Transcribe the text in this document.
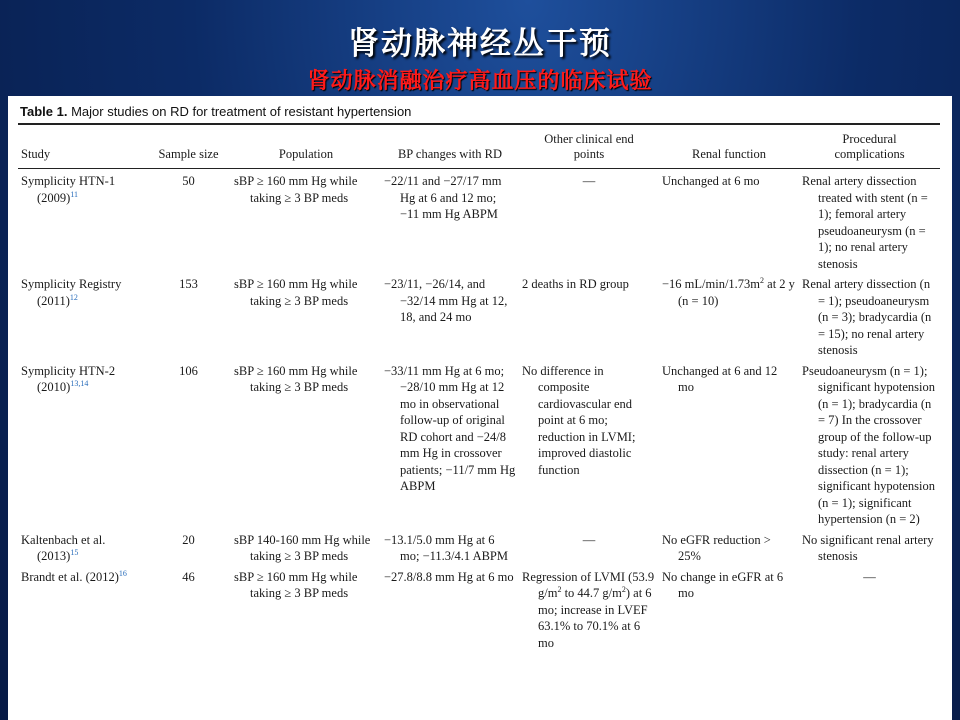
肾动脉神经丛干预
肾动脉消融治疗高血压的临床试验
Table 1. Major studies on RD for treatment of resistant hypertension
Study	Sample size	Population	BP changes with RD	Other clinical end points	Renal function	Procedural complications
Symplicity HTN-1 $(2009)^{11}$	50	sBP ≥ 160 mm Hg while taking ≥ 3 BP meds	−22/11 and −27/17 mm Hg at 6 and 12 mo; −11 mm Hg ABPM	—	Unchanged at 6 mo	Renal artery dissection treated with stent (n = 1); femoral artery pseudoaneurysm (n = 1); no renal artery stenosis
Symplicity Registry $(2011)^{12}$	153	sBP ≥ 160 mm Hg while taking ≥ 3 BP meds	−23/11, −26/14, and −32/14 mm Hg at 12, 18, and 24 mo	2 deaths in RD group	−16 $mL/\min/1.73m^2$ at 2 y (n = 10)	Renal artery dissection (n = 1); pseudoaneurysm (n = 3); bradycardia (n = 15); no renal artery stenosis
Symplicity HTN-2 $(2010)^{13,14}$	106	sBP ≥ 160 mm Hg while taking ≥ 3 BP meds	−33/11 mm Hg at 6 mo; −28/10 mm Hg at 12 mo in observational follow-up of original RD cohort and −24/8 mm Hg in crossover patients; −11/7 mm Hg ABPM	No difference in composite cardiovascular end point at 6 mo; reduction in LVMI; improved diastolic function	Unchanged at 6 and 12 mo	Pseudoaneurysm (n = 1); significant hypotension (n = 1); bradycardia (n = 7) In the crossover group of the follow-up study: renal artery dissection (n = 1); significant hypotension (n = 1); significant hypertension (n = 2)
Kaltenbach et al. $(2013)^{15}$	20	sBP 140-160 mm Hg while taking ≥ 3 BP meds	−13.1/5.0 mm Hg at 6 mo; −11.3/4.1 ABPM	—	No eGFR reduction > 25%	No significant renal artery stenosis
Brandt et al. $(2012)^{16}$	46	sBP ≥ 160 mm Hg while taking ≥ 3 BP meds	−27.8/8.8 mm Hg at 6 mo	Regression of LVMI (53.9 $g/m^2$ to 44.7 $g/m^2$) at 6 mo; increase in LVEF 63.1% to 70.1% at 6 mo	No change in eGFR at 6 mo	—
